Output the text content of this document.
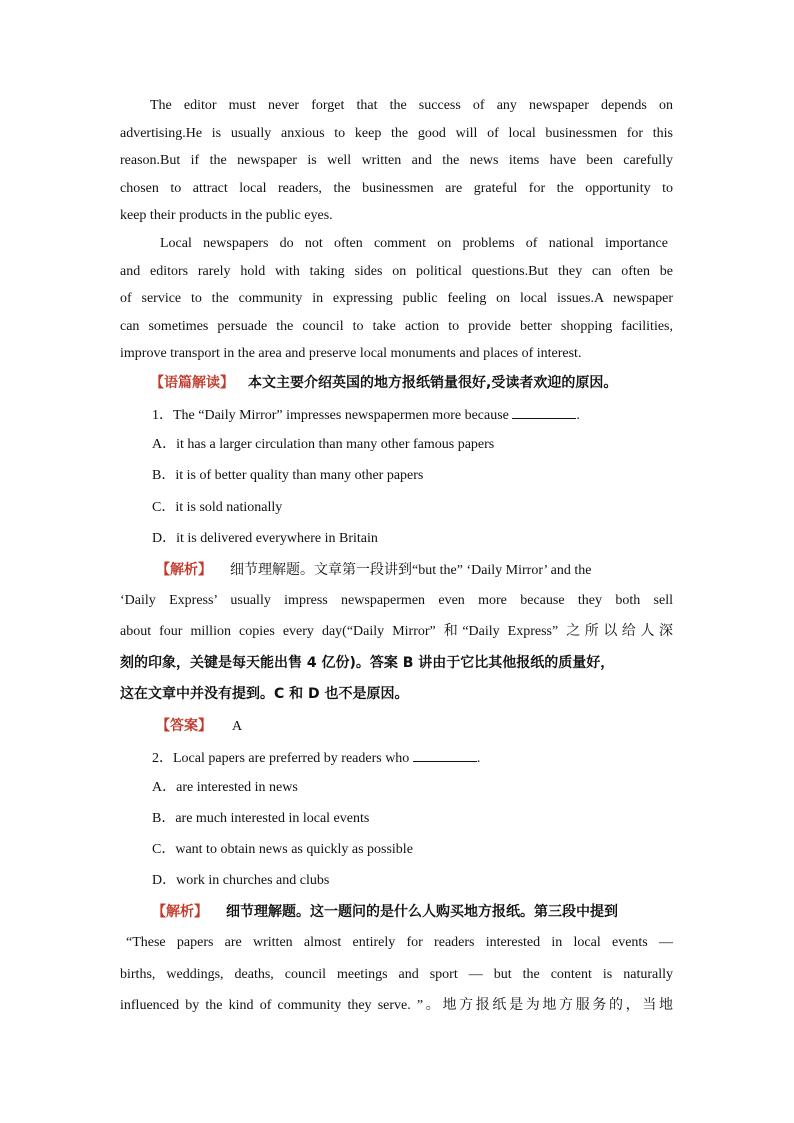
The editor must never forget that the success of any newspaper depends on
advertising.He is usually anxious to keep the good will of local businessmen for this
reason.But if the newspaper is well written and the news items have been carefully
chosen to attract local readers, the businessmen are grateful for the opportunity to
keep their products in the public eyes.
Local newspapers do not often comment on problems of national importance
and editors rarely hold with taking sides on political questions.But they can often be
of service to the community in expressing public feeling on local issues.A newspaper
can sometimes persuade the council to take action to provide better shopping facilities,
improve transport in the area and preserve local monuments and places of interest.
【语篇解读】 本文主要介绍英国的地方报纸销量很好,受读者欢迎的原因。
1．The “Daily Mirror” impresses newspapermen more because	.
A．it has a larger circulation than many other famous papers
B．it is of better quality than many other papers
C．it is sold nationally
D．it is delivered everywhere in Britain
【解析】 细节理解题。文章第一段讲到“but the” ‘Daily Mirror’ and the
‘Daily Express’ usually impress newspapermen even more because they both sell
about four million copies every day(“Daily Mirror” 和“Daily Express” 之所以给人深
刻的印象，关键是每天能出售 4 亿份)。答案 B 讲由于它比其他报纸的质量好，
这在文章中并没有提到。C 和 D 也不是原因。
【答案】 A
2．Local papers are preferred by readers who	.
A．are interested in news
B．are much interested in local events
C．want to obtain news as quickly as possible
D．work in churches and clubs
【解析】 细节理解题。这一题问的是什么人购买地方报纸。第三段中提到
“These papers are written almost entirely for readers interested in local events —
births, weddings, deaths, council meetings and sport — but the content is naturally
influenced by the kind of community they serve. ”。地方报纸是为地方服务的，当地
